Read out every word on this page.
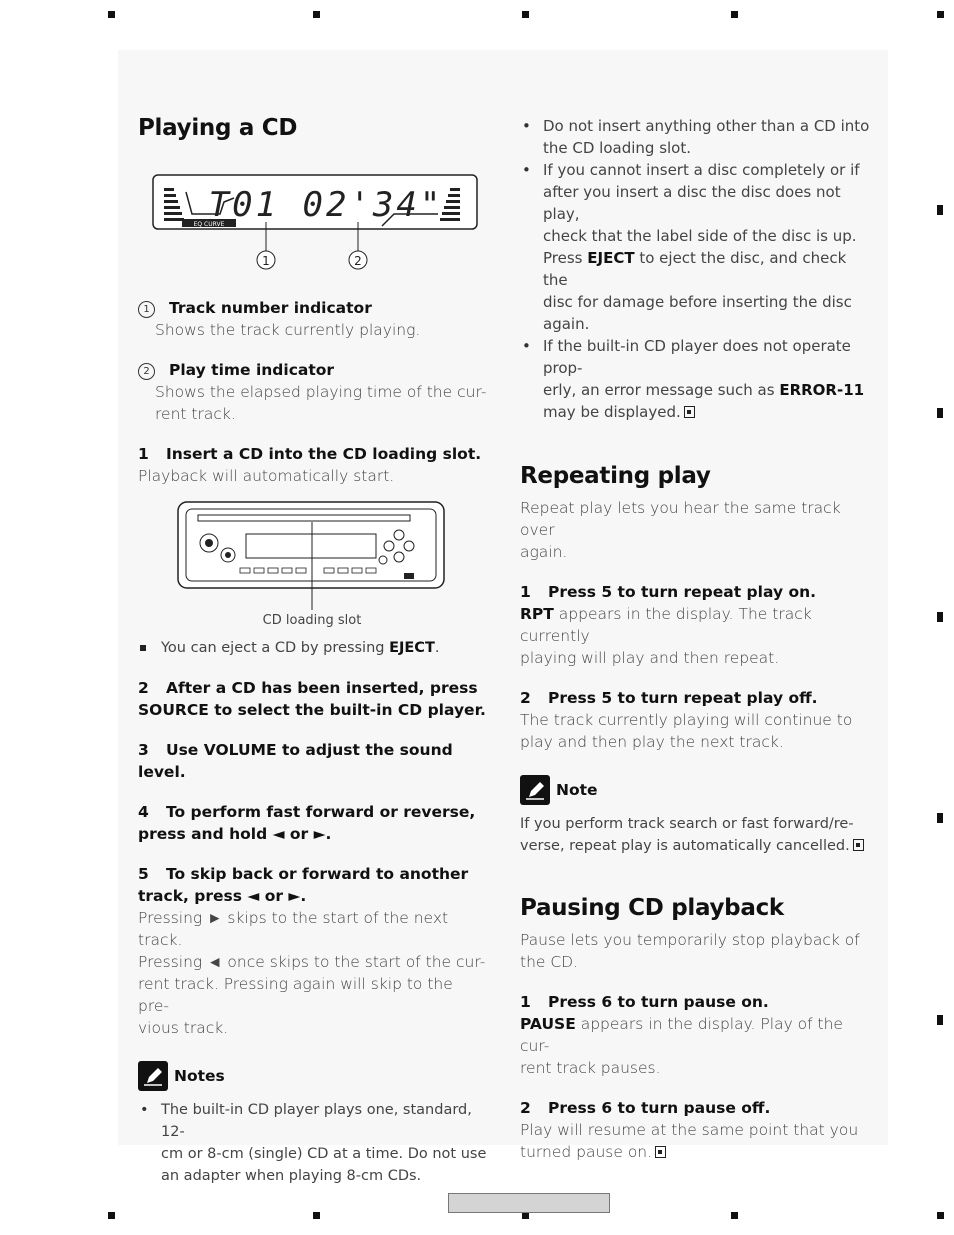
Playing a CD
EQ CURVE
T01 02'34"
1	2
1 Track number indicator
Shows the track currently playing.
2 Play time indicator
Shows the elapsed playing time of the cur-
rent track.
1 Insert a CD into the CD loading slot.
Playback will automatically start.
CD loading slot
You can eject a CD by pressing EJECT.
2 After a CD has been inserted, press
SOURCE to select the built-in CD player.
3 Use VOLUME to adjust the sound level.
4 To perform fast forward or reverse,
press and hold ◄ or ►.
5 To skip back or forward to another
track, press ◄ or ►.
Pressing ► skips to the start of the next track.
Pressing ◄ once skips to the start of the cur-
rent track. Pressing again will skip to the pre-
vious track.
Notes
• The built-in CD player plays one, standard, 12-
cm or 8-cm (single) CD at a time. Do not use
an adapter when playing 8-cm CDs.
• Do not insert anything other than a CD into
the CD loading slot.
• If you cannot insert a disc completely or if
after you insert a disc the disc does not play,
check that the label side of the disc is up.
Press EJECT to eject the disc, and check the
disc for damage before inserting the disc
again.
• If the built-in CD player does not operate prop-
erly, an error message such as ERROR-11
may be displayed.
Repeating play
Repeat play lets you hear the same track over
again.
1 Press 5 to turn repeat play on.
RPT appears in the display. The track currently
playing will play and then repeat.
2 Press 5 to turn repeat play off.
The track currently playing will continue to
play and then play the next track.
Note
If you perform track search or fast forward/re-
verse, repeat play is automatically cancelled.
Pausing CD playback
Pause lets you temporarily stop playback of
the CD.
1 Press 6 to turn pause on.
PAUSE appears in the display. Play of the cur-
rent track pauses.
2 Press 6 to turn pause off.
Play will resume at the same point that you
turned pause on.
